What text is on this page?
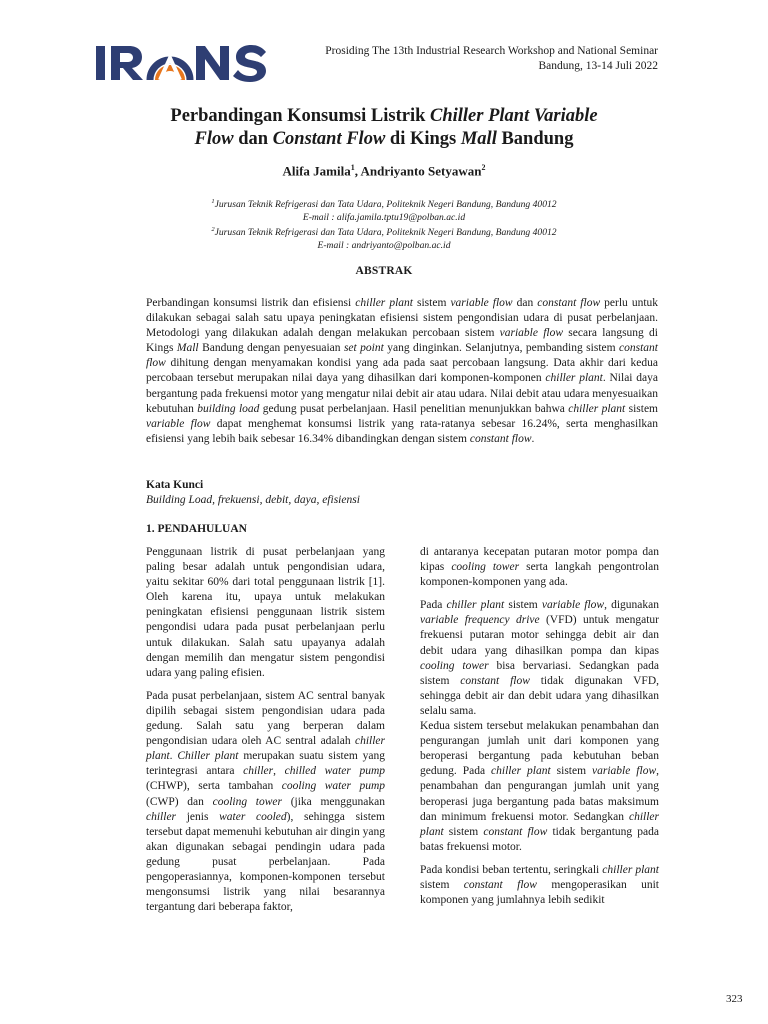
Prosiding The 13th Industrial Research Workshop and National Seminar
Bandung, 13-14 Juli 2022
Perbandingan Konsumsi Listrik Chiller Plant Variable
Flow dan Constant Flow di Kings Mall Bandung
Alifa Jamila$^1$, Andriyanto Setyawan$^2$
$^1$Jurusan Teknik Refrigerasi dan Tata Udara, Politeknik Negeri Bandung, Bandung 40012
E-mail : alifa.jamila.tptu19@polban.ac.id
$^2$Jurusan Teknik Refrigerasi dan Tata Udara, Politeknik Negeri Bandung, Bandung 40012
E-mail : andriyanto@polban.ac.id
ABSTRAK
Perbandingan konsumsi listrik dan efisiensi chiller plant sistem variable flow dan constant flow perlu untuk dilakukan sebagai salah satu upaya peningkatan efisiensi sistem pengondisian udara di pusat perbelanjaan. Metodologi yang dilakukan adalah dengan melakukan percobaan sistem variable flow secara langsung di Kings Mall Bandung dengan penyesuaian set point yang dinginkan. Selanjutnya, pembanding sistem constant flow dihitung dengan menyamakan kondisi yang ada pada saat percobaan langsung. Data akhir dari kedua percobaan tersebut merupakan nilai daya yang dihasilkan dari komponen-komponen chiller plant. Nilai daya bergantung pada frekuensi motor yang mengatur nilai debit air atau udara. Nilai debit atau udara menyesuaikan kebutuhan building load gedung pusat perbelanjaan. Hasil penelitian menunjukkan bahwa chiller plant sistem variable flow dapat menghemat konsumsi listrik yang rata-ratanya sebesar 16.24%, serta menghasilkan efisiensi yang lebih baik sebesar 16.34% dibandingkan dengan sistem constant flow.
Kata Kunci
Building Load, frekuensi, debit, daya, efisiensi
1. PENDAHULUAN

Penggunaan listrik di pusat perbelanjaan yang paling besar adalah untuk pengondisian udara, yaitu sekitar 60% dari total penggunaan listrik [1]. Oleh karena itu, upaya untuk melakukan peningkatan efisiensi penggunaan listrik sistem pengondisi udara pada pusat perbelanjaan perlu untuk dilakukan. Salah satu upayanya adalah dengan memilih dan mengatur sistem pengondisi udara yang paling efisien.

Pada pusat perbelanjaan, sistem AC sentral banyak dipilih sebagai sistem pengondisian udara pada gedung. Salah satu yang berperan dalam pengondisian udara oleh AC sentral adalah chiller plant. Chiller plant merupakan suatu sistem yang terintegrasi antara chiller, chilled water pump (CHWP), serta tambahan cooling water pump (CWP) dan cooling tower (jika menggunakan chiller jenis water cooled), sehingga sistem tersebut dapat memenuhi kebutuhan air dingin yang akan digunakan sebagai pendingin udara pada gedung pusat perbelanjaan. Pada pengoperasiannya, komponen-komponen tersebut mengonsumsi listrik yang nilai besarannya tergantung dari beberapa faktor,

di antaranya kecepatan putaran motor pompa dan kipas cooling tower serta langkah pengontrolan komponen-komponen yang ada.

Pada chiller plant sistem variable flow, digunakan variable frequency drive (VFD) untuk mengatur frekuensi putaran motor sehingga debit air dan debit udara yang dihasilkan pompa dan kipas cooling tower bisa bervariasi. Sedangkan pada sistem constant flow tidak digunakan VFD, sehingga debit air dan debit udara yang dihasilkan selalu sama.

Kedua sistem tersebut melakukan penambahan dan pengurangan jumlah unit dari komponen yang beroperasi bergantung pada kebutuhan beban gedung. Pada chiller plant sistem variable flow, penambahan dan pengurangan jumlah unit yang beroperasi juga bergantung pada batas maksimum dan minimum frekuensi motor. Sedangkan chiller plant sistem constant flow tidak bergantung pada batas frekuensi motor.

Pada kondisi beban tertentu, seringkali chiller plant sistem constant flow mengoperasikan unit komponen yang jumlahnya lebih sedikit

323
